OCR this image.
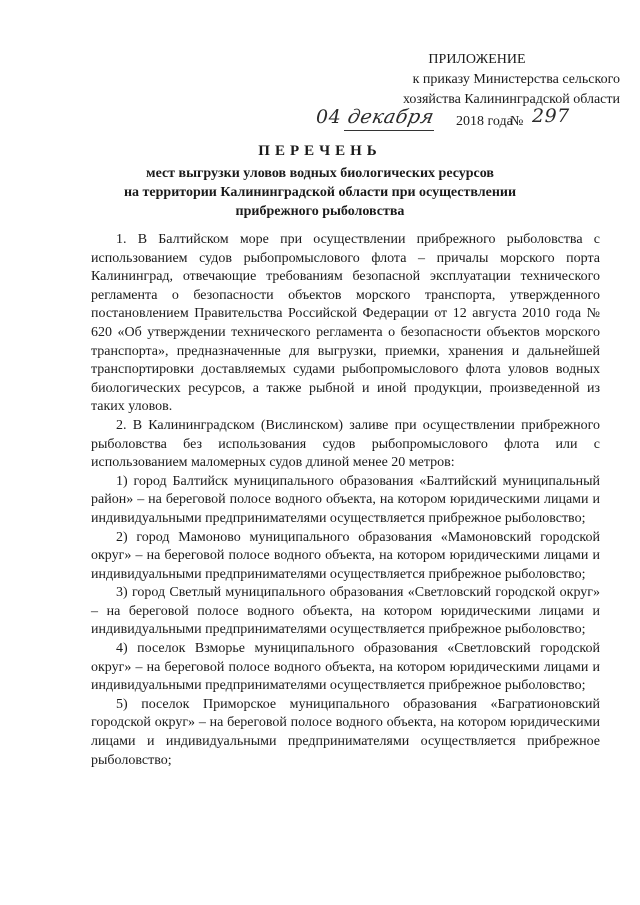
ПРИЛОЖЕНИЕ
к приказу Министерства сельского
хозяйства Калининградской области
04 декабря 2018 года
№ 297
ПЕРЕЧЕНЬ
мест выгрузки уловов водных биологических ресурсов
на территории Калининградской области при осуществлении
прибрежного рыболовства

1. В Балтийском море при осуществлении прибрежного рыболовства с использованием судов рыбопромыслового флота – причалы морского порта Калининград, отвечающие требованиям безопасной эксплуатации технического регламента о безопасности объектов морского транспорта, утвержденного постановлением Правительства Российской Федерации от 12 августа 2010 года № 620 «Об утверждении технического регламента о безопасности объектов морского транспорта», предназначенные для выгрузки, приемки, хранения и дальнейшей транспортировки доставляемых судами рыбопромыслового флота уловов водных биологических ресурсов, а также рыбной и иной продукции, произведенной из таких уловов.

2. В Калининградском (Вислинском) заливе при осуществлении прибрежного рыболовства без использования судов рыбопромыслового флота или с использованием маломерных судов длиной менее 20 метров:

1) город Балтийск муниципального образования «Балтийский муниципальный район» – на береговой полосе водного объекта, на котором юридическими лицами и индивидуальными предпринимателями осуществляется прибрежное рыболовство;

2) город Мамоново муниципального образования «Мамоновский городской округ» – на береговой полосе водного объекта, на котором юридическими лицами и индивидуальными предпринимателями осуществляется прибрежное рыболовство;

3) город Светлый муниципального образования «Светловский городской округ» – на береговой полосе водного объекта, на котором юридическими лицами и индивидуальными предпринимателями осуществляется прибрежное рыболовство;

4) поселок Взморье муниципального образования «Светловский городской округ» – на береговой полосе водного объекта, на котором юридическими лицами и индивидуальными предпринимателями осуществляется прибрежное рыболовство;

5) поселок Приморское муниципального образования «Багратионовский городской округ» – на береговой полосе водного объекта, на котором юридическими лицами и индивидуальными предпринимателями осуществляется прибрежное рыболовство;
